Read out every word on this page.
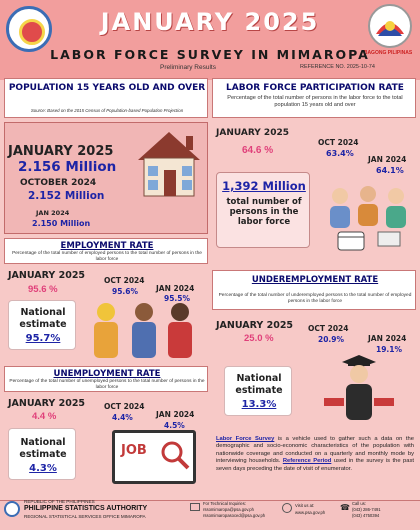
BAGONG PILIPINAS
JANUARY 2025
LABOR FORCE SURVEY IN MIMAROPA
Preliminary Results	REFERENCE NO. 2025-10-74
POPULATION 15 YEARS OLD AND OVER
Source: Based on the 2015 Census of Population-based Population Projection
LABOR FORCE PARTICIPATION RATE
Percentage of the total number of persons in the labor force to the total population 15 years old and over
JANUARY 2025
2.156 Million
OCTOBER 2024
2.152 Million
JAN 2024
2.150 Million
JANUARY 2025
64.6 %
OCT 2024
63.4%
JAN 2024
64.1%
1,392 Million
total number of persons in the labor force
EMPLOYMENT RATE
Percentage of the total number of employed persons to the total number of persons in the labor force
JANUARY 2025
95.6 %
OCT 2024
95.6% JAN 2024
95.5%
National estimate
95.7%
UNDEREMPLOYMENT RATE
Percentage of the total number of underemployed persons to the total number of employed persons in the labor force
JANUARY 2025
25.0 %
OCT 2024
20.9%	JAN 2024
19.1%
National estimate
13.3%
UNEMPLOYMENT RATE
Percentage of the total number of unemployed persons to the total number of persons in the labor force
JANUARY 2025
4.4 %
OCT 2024
4.4%	JAN 2024
4.5%
National estimate
4.3%
JOB
Labor Force Survey is a vehicle used to gather such a data on the demographic and socio-economic characteristics of the population with nationwide coverage and conducted on a quarterly and monthly mode by interviewing households. Reference Period used in the survey is the past seven days preceding the date of visit of enumerator.
REPUBLIC OF THE PHILIPPINES
PHILIPPINE STATISTICS AUTHORITY
REGIONAL STATISTICAL SERVICES OFFICE MIMAROPA
For Technical Inquiries:
rssomimaropa@psa.gov.ph
rssomimaropasoced@psa.gov.ph
Visit us at:
www.psa.gov.ph
☎ Call us:
(043) 286-7491
(043) 4750394
